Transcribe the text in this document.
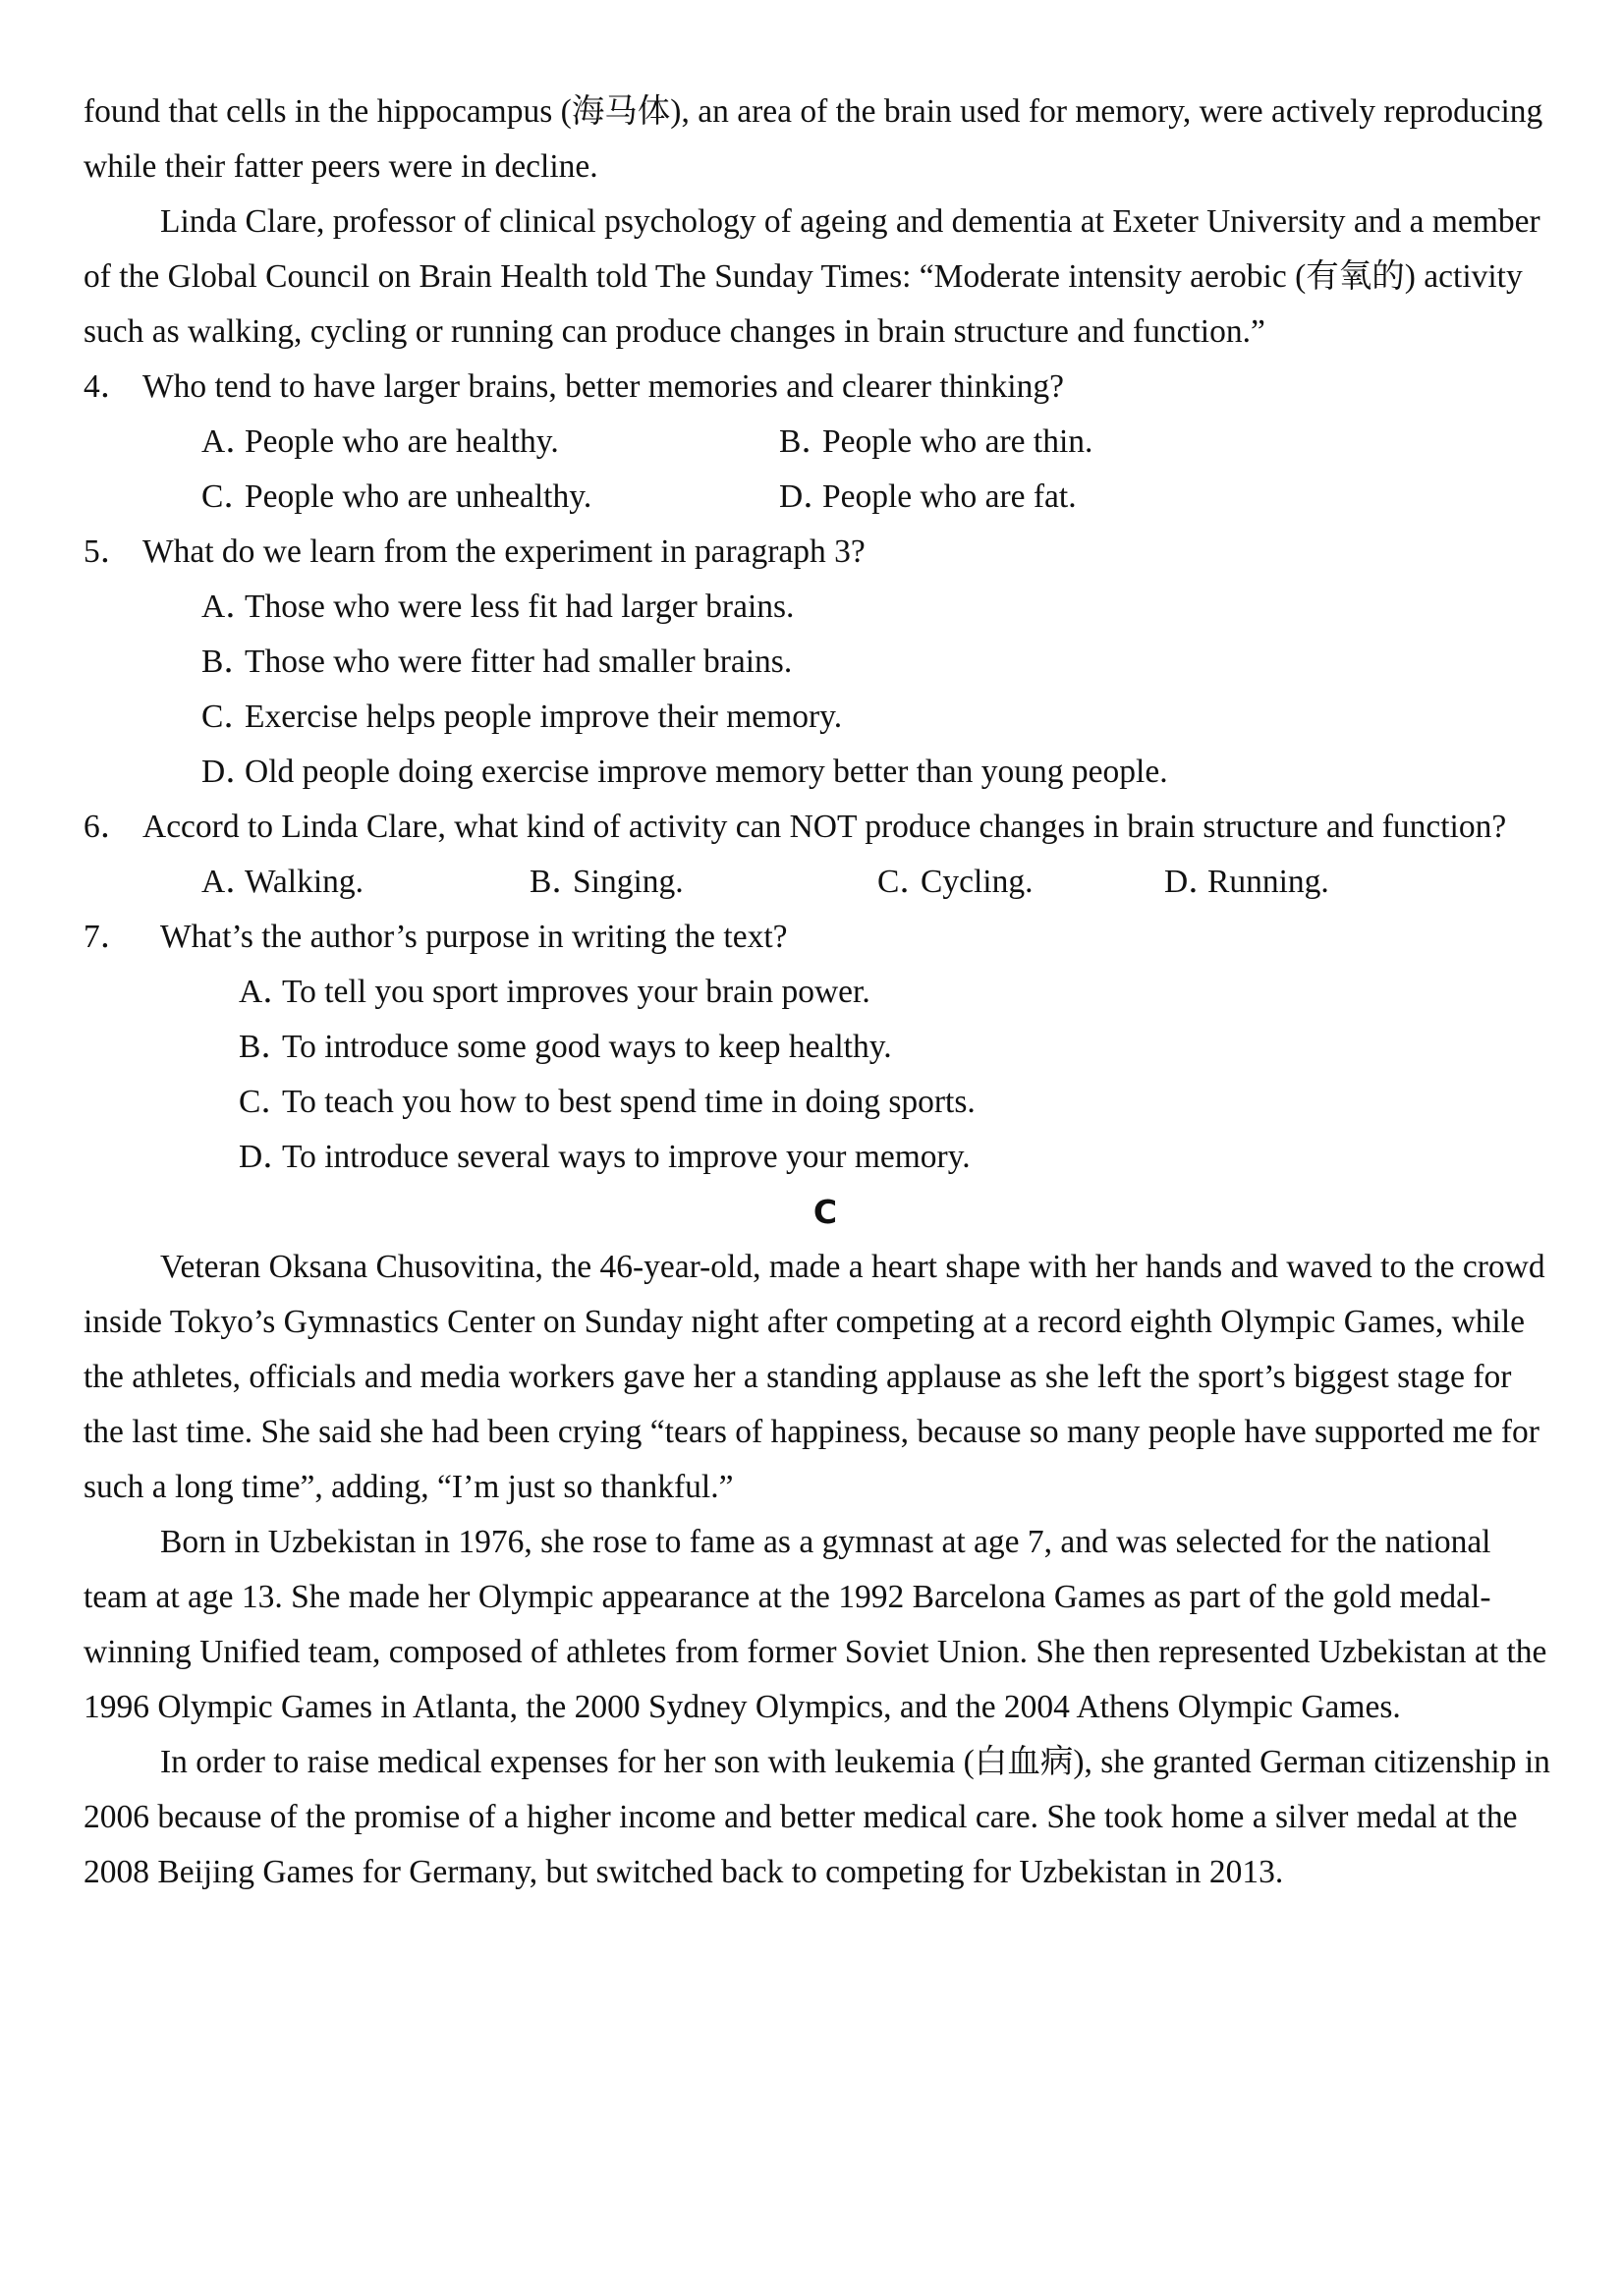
found that cells in the hippocampus (海马体), an area of the brain used for memory, were actively reproducing while their fatter peers were in decline.

Linda Clare, professor of clinical psychology of ageing and dementia at Exeter University and a member of the Global Council on Brain Health told The Sunday Times: “Moderate intensity aerobic (有氧的) activity such as walking, cycling or running can produce changes in brain structure and function.”

4． Who tend to have larger brains, better memories and clearer thinking?

A．People who are healthy.	B．People who are thin.
C．People who are unhealthy.	D．People who are fat.

5． What do we learn from the experiment in paragraph 3?

A．Those who were less fit had larger brains.
B．Those who were fitter had smaller brains.
C．Exercise helps people improve their memory.
D．Old people doing exercise improve memory better than young people.

6． Accord to Linda Clare, what kind of activity can NOT produce changes in brain structure and function?

A．Walking.	B．Singing.	C．Cycling.	D．Running.

7． What’s the author’s purpose in writing the text?

A．To tell you sport improves your brain power.
B．To introduce some good ways to keep healthy.
C．To teach you how to best spend time in doing sports.
D．To introduce several ways to improve your memory.
C

Veteran Oksana Chusovitina, the 46-year-old, made a heart shape with her hands and waved to the crowd inside Tokyo’s Gymnastics Center on Sunday night after competing at a record eighth Olympic Games, while the athletes, officials and media workers gave her a standing applause as she left the sport’s biggest stage for the last time. She said she had been crying “tears of happiness, because so many people have supported me for such a long time”, adding, “I’m just so thankful.”

Born in Uzbekistan in 1976, she rose to fame as a gymnast at age 7, and was selected for the national team at age 13. She made her Olympic appearance at the 1992 Barcelona Games as part of the gold medal-winning Unified team, composed of athletes from former Soviet Union. She then represented Uzbekistan at the 1996 Olympic Games in Atlanta, the 2000 Sydney Olympics, and the 2004 Athens Olympic Games.

In order to raise medical expenses for her son with leukemia (白血病), she granted German citizenship in 2006 because of the promise of a higher income and better medical care. She took home a silver medal at the 2008 Beijing Games for Germany, but switched back to competing for Uzbekistan in 2013.
